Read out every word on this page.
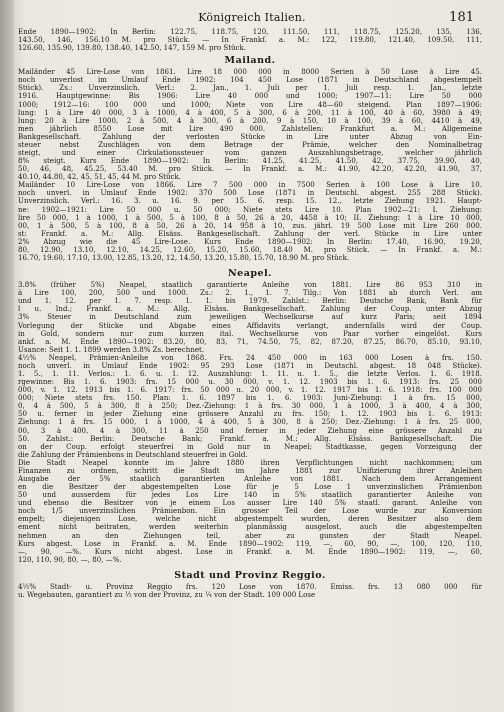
Königreich Italien.	181
Ende 1890—1902: In Berlin: 122.75, 118.75, 120, 111.50, 111, 118.75, 125.20, 135, 136,
143.50, 146, 156.10 M. pro Stück. — In Frankf. a. M.: 122, 119.80, 121.40, 109.50, 111,
126.60, 135.90, 139.80, 138.40, 142.50, 147, 159 M. pro Stück.
Mailand.
Mailänder 45 Lire-Lose von 1861. Lire 18 000 000 in 8000 Serien à 50 Lose à Lire 45.
noch unverlost im Umlauf Ende 1902: 104 450 Lose (1871 in Deutschland abgestempelt
Stück). Zs.: Unverzinslich. Verl.: 2. Jan., 1. Juli per 1. Juli resp. 1. Jan., letzte
1916. Hauptgewinne: Bis 1906: Lire 40 000 und 1000; 1907—11: Lire 50 000
1000; 1912—16: 100 000 und 1000; Niete von Lire 48—60 steigend. Plan 1897—1906:
lung: 1 à Lire 40 000, 3 à 1000, 4 à 400, 5 à 300, 6 à 200, 11 à 100, 40 à 60, 3980 à 49;
lung: 20 à Lire 1000, 2 à 500, 4 à 300, 6 à 200, 9 à 150, 10 à 100, 39 à 60, 4410 à 49,
men jährlich 8550 Lose mit Lire 490 000. Zahlstellen: Frankfurt a. M.: Allgemeine
Bankgesellschaft. Zahlung der verlosten Stücke in Lire unter Abzug von Ein-
steuer nebst Zuschlägen von dem Betrage der Prämie, welcher den Nominalbetrag
steigt, und einer Cirkulationssteuer vom ganzen Auszahlungsbetrage, welcher jährlich
8% steigt. Kurs Ende 1890—1902: In Berlin: 41.25, 41.25, 41.50, 42, 37.75, 39.90, 40,
50, 46, 48, 45.25, 53.40 M. pro Stück. — In Frankf. a. M.: 41.90, 42.20, 42.20, 41.90, 37,
40.10, 44.80, 42, 45, 51, 45, 44 M. pro Stück.
Mailänder 10 Lire-Lose von 1866. Lire 7 500 000 in 7500 Serien à 100 Lose à Lire 10.
noch unverl. in Umlauf Ende 1902: 370 500 Lose (1871 in Deutschl. abgest. 255 288 Stück).
Unverzinslich. Verl.: 16. 3. u. 16. 9. per 15. 6. resp. 15. 12., letzte Ziehung 1921. Haupt-
ne: 1902—1921: Lire 50 000 u. 50 000; Niete stets Lire 10. Plan 1902—21: I. Ziehung:
lire 50 000, 1 à 1000, 1 à 500, 5 à 100, 8 à 50, 26 à 20, 4458 à 10; II. Ziehung: 1 à Lire 10 000,
00, 1 à 500, 5 à 100, 8 à 50, 26 à 20, 14 958 à 10, zus. jährl. 19 500 Lose mit Lire 260 000.
st: Frankf. a. M.: Allg. Elsäss. Bankgesellschaft. Zahlung der verl. Stücke in Lire unter
2% Abzug wie die 45 Lire-Lose. Kurs Ende 1890—1902: In Berlin: 17.40, 16.90, 19.20,
80, 12.90, 13.10, 12.10, 14.25, 12.60, 15.20, 15.60, 18.40 M. pro Stück. — In Frankf. a. M.:
16.70, 19.60, 17.10, 13.00, 12.85, 13.20, 12, 14.50, 13.20, 15.80, 15.70, 18.90 M. pro Stück.
Neapel.
3.8% (früher 5%) Neapel, staatlich garantierte Anleihe von 1881. Lire 86 953 310 in
à Lire 100, 200, 500 und 1000. Zs.: 2. 1., 1. 7. Tilg.: Von 1881 ab durch Verl. am
und 1. 12. per 1. 7. resp. 1. 1. bis 1979. Zahlst.: Berlin: Deutsche Bank, Bank für
l u. Ind.; Frankf. a. M.: Allg. Elsäss. Bankgesellschaft. Zahlung der Coup. unter Abzug
3% Steuer in Deutschland zum jeweiligen Wechselkurse auf kurz Paris; seit 1894
Vorlegung der Stücke und Abgabe eines Affidavits verlangt, andernfalls wird der Coup.
in Gold, sondern nur zum kurzen ital. Wechselkurse von Paar vorher eingelöst. Kurs
ankf. a. M. Ende 1890—1902: 83.20, 80, 83, 71, 74.50, 75, 82, 87.20, 87.25, 86.70, 85.10, 93.10,
Usance: Seit 1. 1. 1899 werden 3.8% Zs. berechnet.
4½% Neapel, Prämien-Anleihe von 1868. Frs. 24 450 000 in 163 000 Losen à frs. 150.
noch unverl. in Umlauf Ende 1902: 95 293 Lose (1871 in Deutschl. abgest. 18 048 Stücke).
1. 5., 1. 11. Verlos.: 1. 6. u. 1. 12. Auszahlung: 1. 11. u. 1. 5., die letzte Verlos. 1. 6. 1918.
rgewinne: Bis 1. 6. 1903: frs. 15 000 u. 30 000, v. 1. 12. 1903 bis 1. 6. 1913: frs. 25 000
000, v. 1. 12. 1913 bis 1. 6. 1917: frs. 50 000 u. 20 000, v. 1. 12. 1917 bis 1. 6. 1918: frs. 100 000
000; Niete stets frs. 150. Plan: 1. 6. 1897 bis 1. 6. 1903: Juni-Ziehung: 1 à frs. 15 000,
0, 4 à 500, 5 à 300, 8 à 250; Dez.-Ziehung: 1 à frs. 30 000, 1 à 1000, 3 à 400, 4 à 300,
50 u. ferner in jeder Ziehung eine grössere Anzahl zu frs. 150; 1. 12. 1903 bis 1. 6. 1913:
Ziehung: 1 à frs. 15 000, 1 à 1000, 4 à 400, 5 à 300, 8 à 250; Dez.-Ziehung: 1 à frs. 25 000,
00, 3 à 400, 4 à 300, 11 à 250 und ferner in jeder Ziehung eine grössere Anzahl zu
50. Zahlst.: Berlin: Deutsche Bank; Frankf. a. M.: Allg. Elsäss. Bankgesellschaft. Die
on der Coup. erfolgt steuerfrei in Gold nur in Neapel; Stadtkasse, gegen Vorzeigung der
die Zahlung der Prämienbons in Deutschland steuerfrei in Gold.
Die Stadt Neapel konnte im Jahre 1880 ihren Verpflichtungen nicht nachkommen; um
Finanzen zu ordnen, schritt die Stadt im Jahre 1881 zur Unifizierung ihrer Anleihen
Ausgabe der 5% staatlich garantierten Anleihe von 1881. Nach dem Arrangement
en die Besitzer der abgestempelten Lose für je 5 Lose 1 unverzinslichen Prämienbon
50 und ausserdem für jedes Los Lire 140 in 5% staatlich garantierter Anleihe von
und ebenso die Besitzer von je einem Los ausser Lire 140 5% staatl. garant. Anleihe von
noch 1/5 unverzinslichen Prämienbon. Ein grosser Teil der Lose wurde zur Konversion
empelt; diejenigen Lose, welche nicht abgestempelt wurden, deren Besitzer also dem
ement nicht beitraten, werden weiterhin planmässig ausgelost, auch die abgestempelten
nehmen an den Ziehungen teil, aber zu gunsten der Stadt Neapel.
Kurs abgest. Lose in Frankf. a. M. Ende 1890—1902: 119, —, 60, 90, —, 100, 120, 110,
—, 90, —%. Kurs nicht abgest. Lose in Frankf. a. M. Ende 1890—1902: 119, —, 60,
120, 110, 90, 80, —, 80, —%.
Stadt und Provinz Reggio.
4½% Stadt- u. Provinz Reggio frs. 120 Lose von 1870. Emiss. frs. 13 080 000 für
u. Wegebauten, garantiert zu ½ von der Provinz, zu ¼ von der Stadt. 109 000 Lose
